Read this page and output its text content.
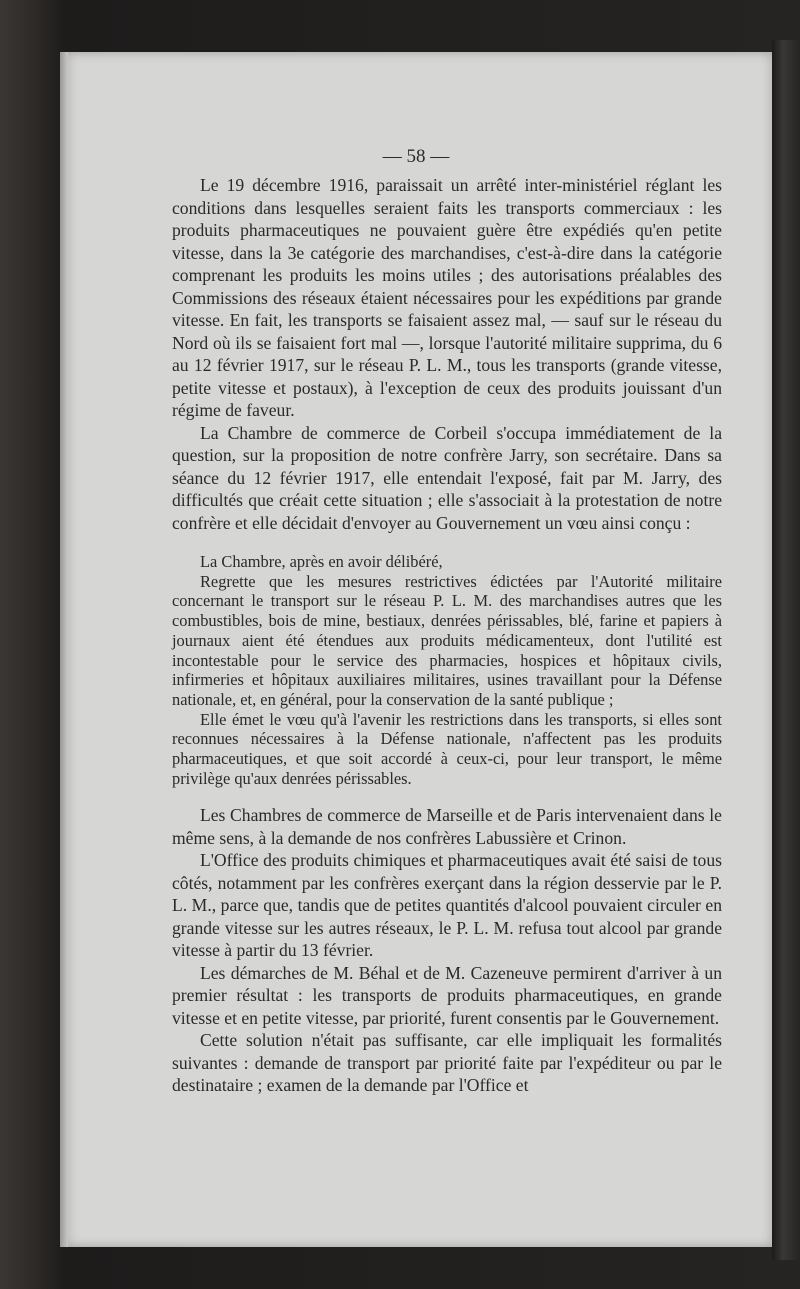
— 58 —

Le 19 décembre 1916, paraissait un arrêté inter-ministériel réglant les conditions dans lesquelles seraient faits les transports commerciaux : les produits pharmaceutiques ne pouvaient guère être expédiés qu'en petite vitesse, dans la 3e catégorie des marchandises, c'est-à-dire dans la catégorie comprenant les produits les moins utiles ; des autorisations préalables des Commissions des réseaux étaient nécessaires pour les expéditions par grande vitesse. En fait, les transports se faisaient assez mal, — sauf sur le réseau du Nord où ils se faisaient fort mal —, lorsque l'autorité militaire supprima, du 6 au 12 février 1917, sur le réseau P. L. M., tous les transports (grande vitesse, petite vitesse et postaux), à l'exception de ceux des produits jouissant d'un régime de faveur.

La Chambre de commerce de Corbeil s'occupa immédiatement de la question, sur la proposition de notre confrère Jarry, son secrétaire. Dans sa séance du 12 février 1917, elle entendait l'exposé, fait par M. Jarry, des difficultés que créait cette situation ; elle s'associait à la protestation de notre confrère et elle décidait d'envoyer au Gouvernement un vœu ainsi conçu :

La Chambre, après en avoir délibéré,

Regrette que les mesures restrictives édictées par l'Autorité militaire concernant le transport sur le réseau P. L. M. des marchandises autres que les combustibles, bois de mine, bestiaux, denrées périssables, blé, farine et papiers à journaux aient été étendues aux produits médicamenteux, dont l'utilité est incontestable pour le service des pharmacies, hospices et hôpitaux civils, infirmeries et hôpitaux auxiliaires militaires, usines travaillant pour la Défense nationale, et, en général, pour la conservation de la santé publique ;

Elle émet le vœu qu'à l'avenir les restrictions dans les transports, si elles sont reconnues nécessaires à la Défense nationale, n'affectent pas les produits pharmaceutiques, et que soit accordé à ceux-ci, pour leur transport, le même privilège qu'aux denrées périssables.

Les Chambres de commerce de Marseille et de Paris intervenaient dans le même sens, à la demande de nos confrères Labussière et Crinon.

L'Office des produits chimiques et pharmaceutiques avait été saisi de tous côtés, notamment par les confrères exerçant dans la région desservie par le P. L. M., parce que, tandis que de petites quantités d'alcool pouvaient circuler en grande vitesse sur les autres réseaux, le P. L. M. refusa tout alcool par grande vitesse à partir du 13 février.

Les démarches de M. Béhal et de M. Cazeneuve permirent d'arriver à un premier résultat : les transports de produits pharmaceutiques, en grande vitesse et en petite vitesse, par priorité, furent consentis par le Gouvernement.

Cette solution n'était pas suffisante, car elle impliquait les formalités suivantes : demande de transport par priorité faite par l'expéditeur ou par le destinataire ; examen de la demande par l'Office et
